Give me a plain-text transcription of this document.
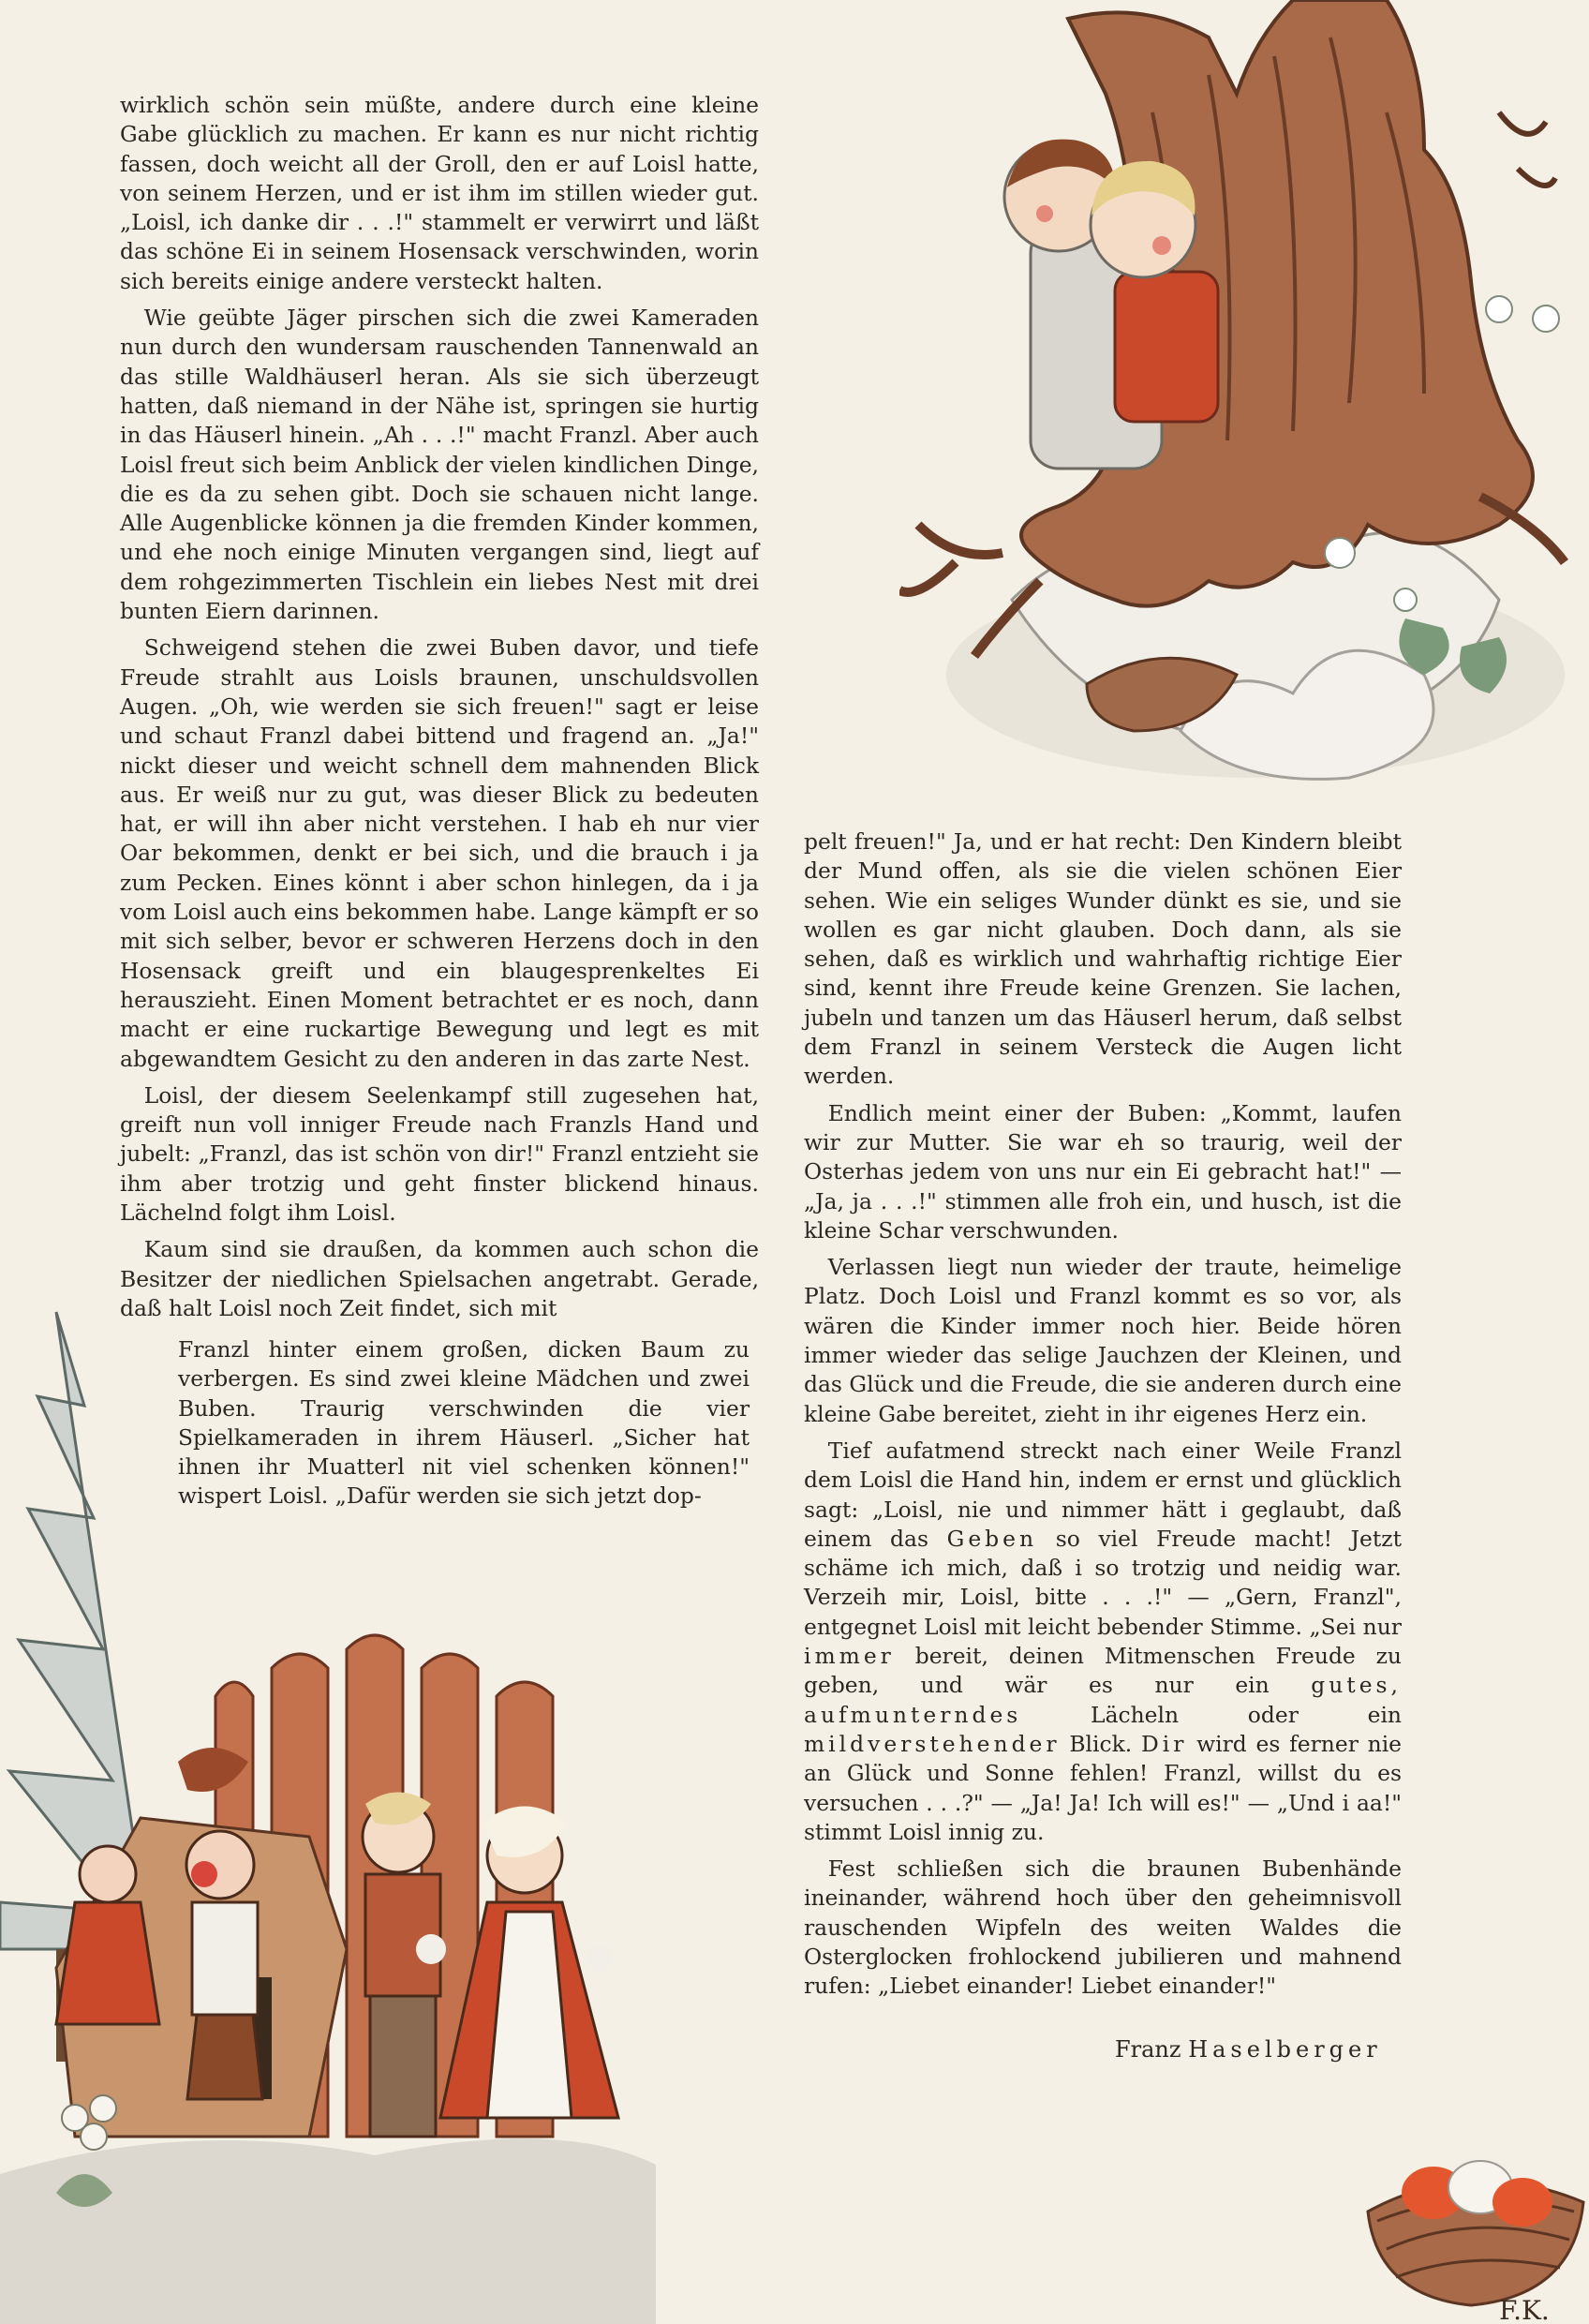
F.K.

wirklich schön sein müßte, andere durch eine kleine Gabe glücklich zu machen. Er kann es nur nicht richtig fassen, doch weicht all der Groll, den er auf Loisl hatte, von seinem Herzen, und er ist ihm im stillen wieder gut. „Loisl, ich danke dir . . .!" stammelt er verwirrt und läßt das schöne Ei in seinem Hosensack verschwinden, worin sich bereits einige andere versteckt halten.

Wie geübte Jäger pirschen sich die zwei Kameraden nun durch den wundersam rauschenden Tannenwald an das stille Waldhäuserl heran. Als sie sich überzeugt hatten, daß niemand in der Nähe ist, springen sie hurtig in das Häuserl hinein. „Ah . . .!" macht Franzl. Aber auch Loisl freut sich beim Anblick der vielen kindlichen Dinge, die es da zu sehen gibt. Doch sie schauen nicht lange. Alle Augenblicke können ja die fremden Kinder kommen, und ehe noch einige Minuten vergangen sind, liegt auf dem rohgezimmerten Tischlein ein liebes Nest mit drei bunten Eiern darinnen.

Schweigend stehen die zwei Buben davor, und tiefe Freude strahlt aus Loisls braunen, unschuldsvollen Augen. „Oh, wie werden sie sich freuen!" sagt er leise und schaut Franzl dabei bittend und fragend an. „Ja!" nickt dieser und weicht schnell dem mahnenden Blick aus. Er weiß nur zu gut, was dieser Blick zu bedeuten hat, er will ihn aber nicht verstehen. I hab eh nur vier Oar bekommen, denkt er bei sich, und die brauch i ja zum Pecken. Eines könnt i aber schon hinlegen, da i ja vom Loisl auch eins bekommen habe. Lange kämpft er so mit sich selber, bevor er schweren Herzens doch in den Hosensack greift und ein blaugesprenkeltes Ei herauszieht. Einen Moment betrachtet er es noch, dann macht er eine ruckartige Bewegung und legt es mit abgewandtem Gesicht zu den anderen in das zarte Nest.

Loisl, der diesem Seelenkampf still zugesehen hat, greift nun voll inniger Freude nach Franzls Hand und jubelt: „Franzl, das ist schön von dir!" Franzl entzieht sie ihm aber trotzig und geht finster blickend hinaus. Lächelnd folgt ihm Loisl.

Kaum sind sie draußen, da kommen auch schon die Besitzer der niedlichen Spielsachen angetrabt. Gerade, daß halt Loisl noch Zeit findet, sich mit

Franzl hinter einem großen, dicken Baum zu verbergen. Es sind zwei kleine Mädchen und zwei Buben. Traurig verschwinden die vier Spielkameraden in ihrem Häuserl. „Sicher hat ihnen ihr Muatterl nit viel schenken können!" wispert Loisl. „Dafür werden sie sich jetzt dop-

pelt freuen!" Ja, und er hat recht: Den Kindern bleibt der Mund offen, als sie die vielen schönen Eier sehen. Wie ein seliges Wunder dünkt es sie, und sie wollen es gar nicht glauben. Doch dann, als sie sehen, daß es wirklich und wahrhaftig richtige Eier sind, kennt ihre Freude keine Grenzen. Sie lachen, jubeln und tanzen um das Häuserl herum, daß selbst dem Franzl in seinem Versteck die Augen licht werden.

Endlich meint einer der Buben: „Kommt, laufen wir zur Mutter. Sie war eh so traurig, weil der Osterhas jedem von uns nur ein Ei gebracht hat!" — „Ja, ja . . .!" stimmen alle froh ein, und husch, ist die kleine Schar verschwunden.

Verlassen liegt nun wieder der traute, heimelige Platz. Doch Loisl und Franzl kommt es so vor, als wären die Kinder immer noch hier. Beide hören immer wieder das selige Jauchzen der Kleinen, und das Glück und die Freude, die sie anderen durch eine kleine Gabe bereitet, zieht in ihr eigenes Herz ein.

Tief aufatmend streckt nach einer Weile Franzl dem Loisl die Hand hin, indem er ernst und glücklich sagt: „Loisl, nie und nimmer hätt i geglaubt, daß einem das Geben so viel Freude macht! Jetzt schäme ich mich, daß i so trotzig und neidig war. Verzeih mir, Loisl, bitte . . .!" — „Gern, Franzl", entgegnet Loisl mit leicht bebender Stimme. „Sei nur immer bereit, deinen Mitmenschen Freude zu geben, und wär es nur ein gutes, aufmunterndes	Lächeln oder ein mildverstehender Blick. Dir wird es ferner nie an Glück und Sonne fehlen! Franzl, willst du es versuchen . . .?" — „Ja! Ja! Ich will es!" — „Und i aa!" stimmt Loisl innig zu.

Fest schließen sich die braunen Bubenhände ineinander, während hoch über den geheimnisvoll rauschenden Wipfeln des weiten Waldes die Osterglocken frohlockend jubilieren und mahnend rufen: „Liebet einander! Liebet einander!"

Franz Haselberger
